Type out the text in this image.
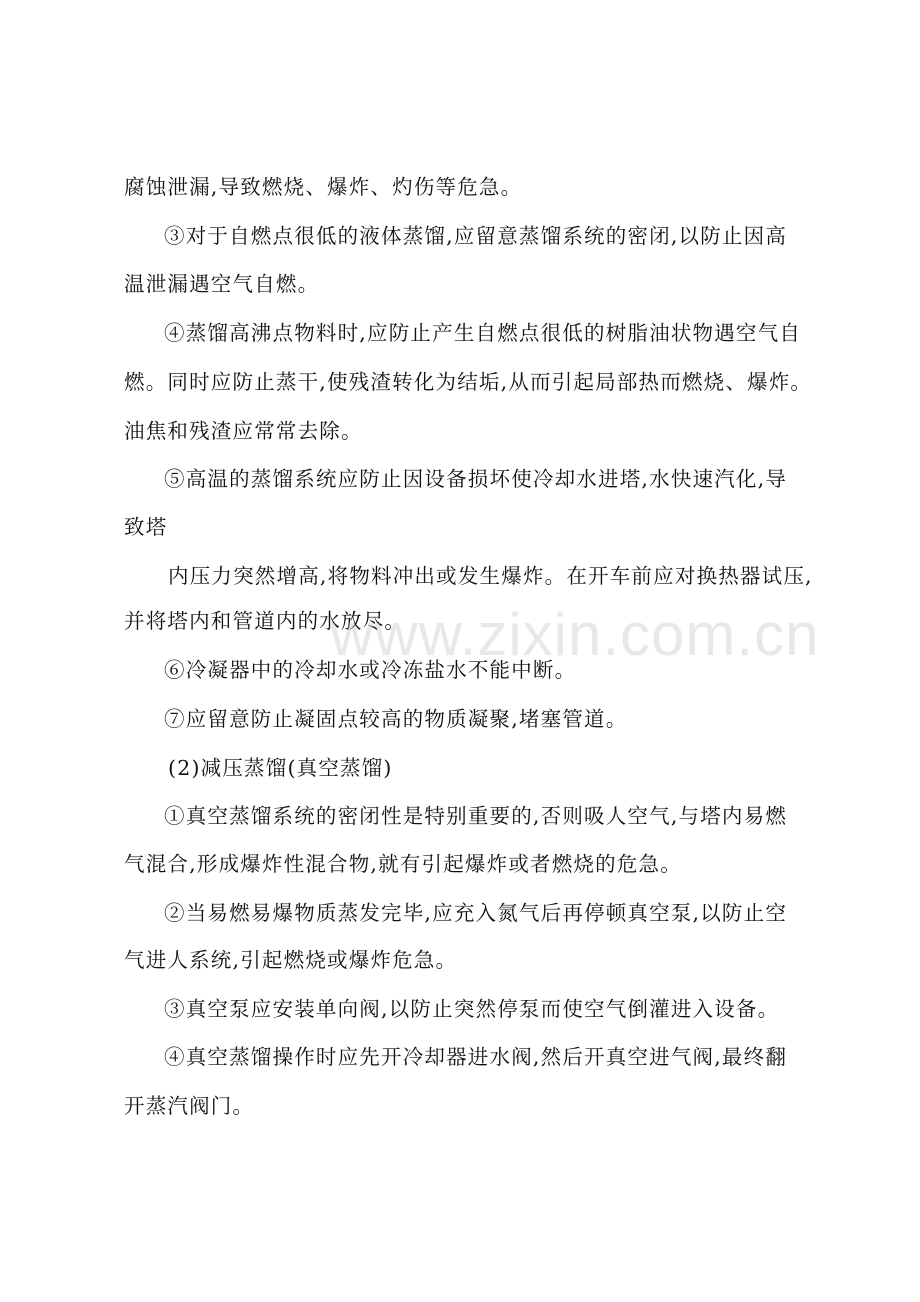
腐蚀泄漏,导致燃烧、爆炸、灼伤等危急。
③对于自燃点很低的液体蒸馏,应留意蒸馏系统的密闭,以防止因高
温泄漏遇空气自燃。
④蒸馏高沸点物料时,应防止产生自燃点很低的树脂油状物遇空气自
燃。同时应防止蒸干,使残渣转化为结垢,从而引起局部热而燃烧、爆炸。
油焦和残渣应常常去除。
⑤高温的蒸馏系统应防止因设备损坏使冷却水进塔,水快速汽化,导
致塔
内压力突然增高,将物料冲出或发生爆炸。在开车前应对换热器试压,
并将塔内和管道内的水放尽。
⑥冷凝器中的冷却水或冷冻盐水不能中断。
⑦应留意防止凝固点较高的物质凝聚,堵塞管道。
(2)减压蒸馏(真空蒸馏)
①真空蒸馏系统的密闭性是特别重要的,否则吸人空气,与塔内易燃
气混合,形成爆炸性混合物,就有引起爆炸或者燃烧的危急。
②当易燃易爆物质蒸发完毕,应充入氮气后再停顿真空泵,以防止空
气进人系统,引起燃烧或爆炸危急。
③真空泵应安装单向阀,以防止突然停泵而使空气倒灌进入设备。
④真空蒸馏操作时应先开冷却器进水阀,然后开真空进气阀,最终翻
开蒸汽阀门。
www.zixin.com.cn
